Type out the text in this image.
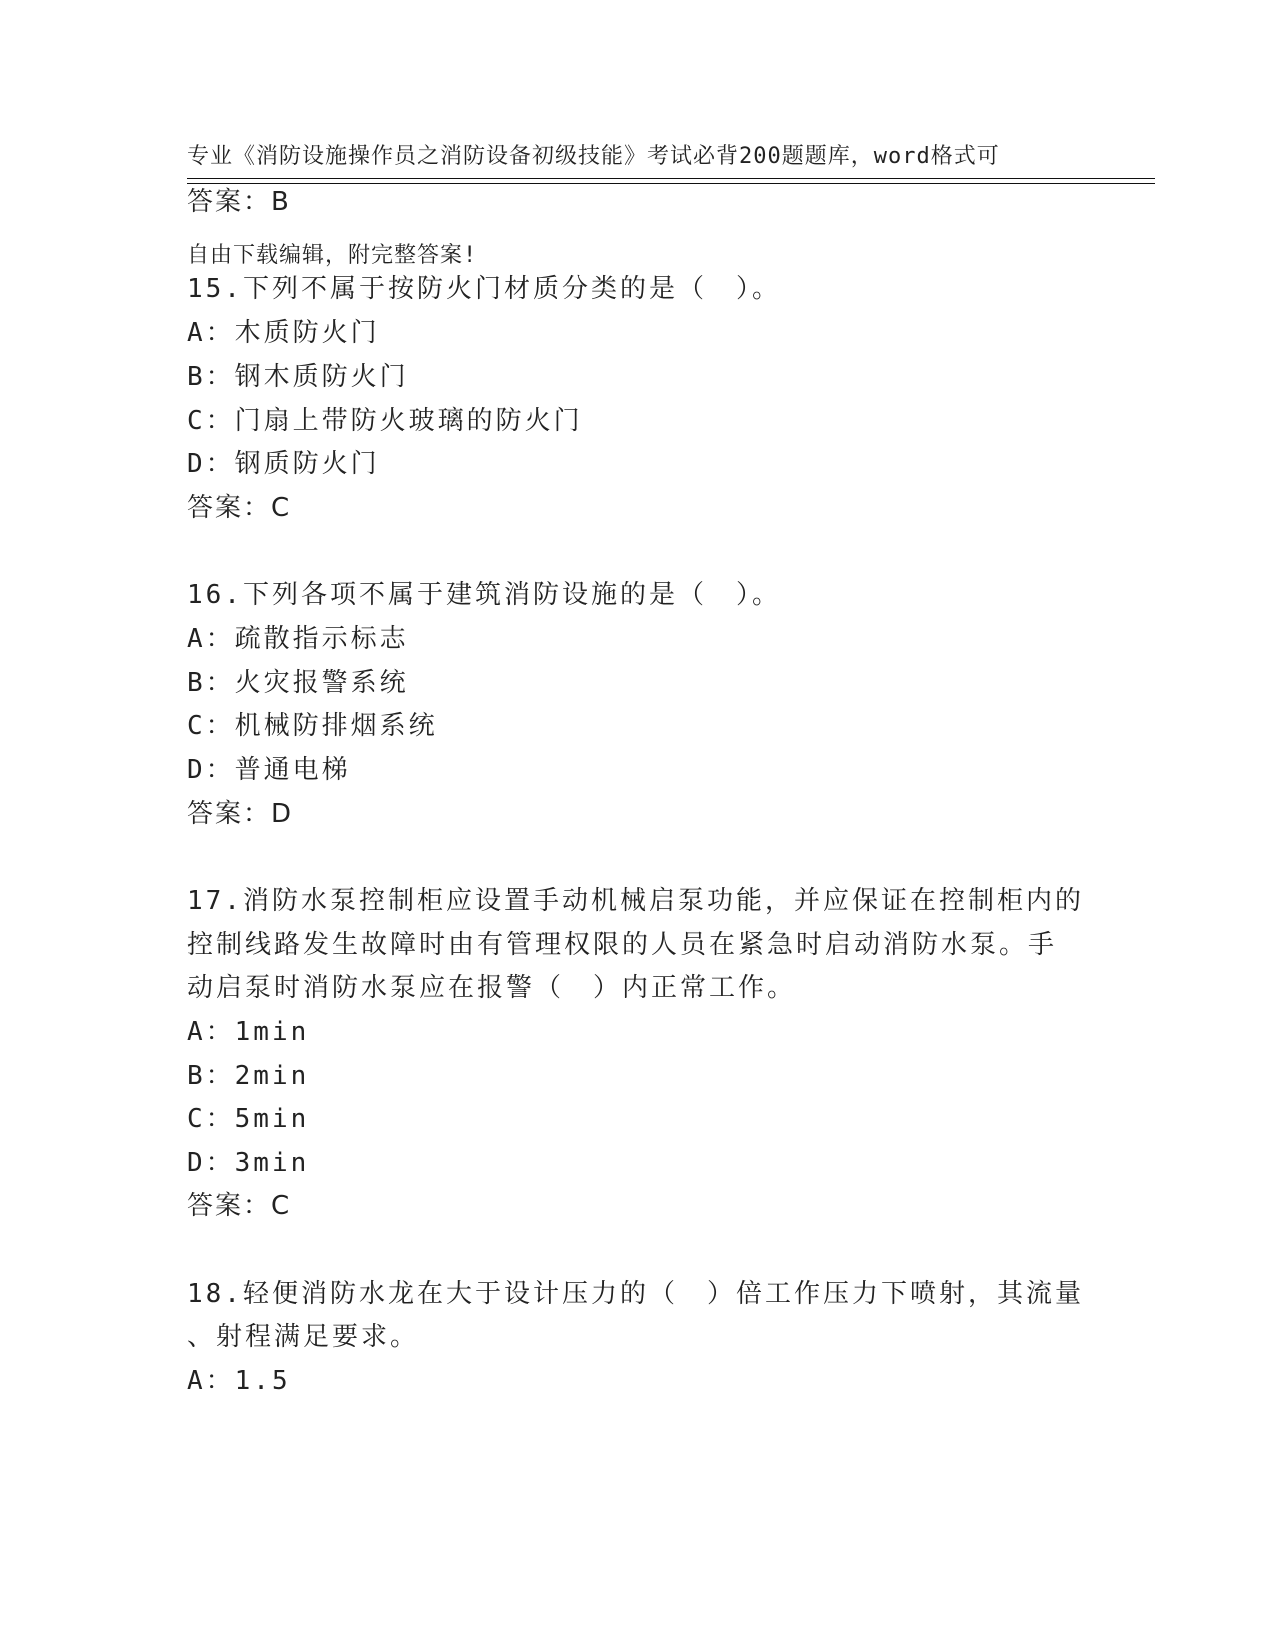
专业《消防设施操作员之消防设备初级技能》考试必背200题题库，word格式可

自由下载编辑，附完整答案!

答案：B
15.下列不属于按防火门材质分类的是（　）。
A：木质防火门
B：钢木质防火门
C：门扇上带防火玻璃的防火门
D：钢质防火门
答案：C
16.下列各项不属于建筑消防设施的是（　）。
A：疏散指示标志
B：火灾报警系统
C：机械防排烟系统
D：普通电梯
答案：D
17.消防水泵控制柜应设置手动机械启泵功能，并应保证在控制柜内的
控制线路发生故障时由有管理权限的人员在紧急时启动消防水泵。手
动启泵时消防水泵应在报警（　）内正常工作。
A：1min
B：2min
C：5min
D：3min
答案：C
18.轻便消防水龙在大于设计压力的（　）倍工作压力下喷射，其流量
、射程满足要求。
A：1.5
